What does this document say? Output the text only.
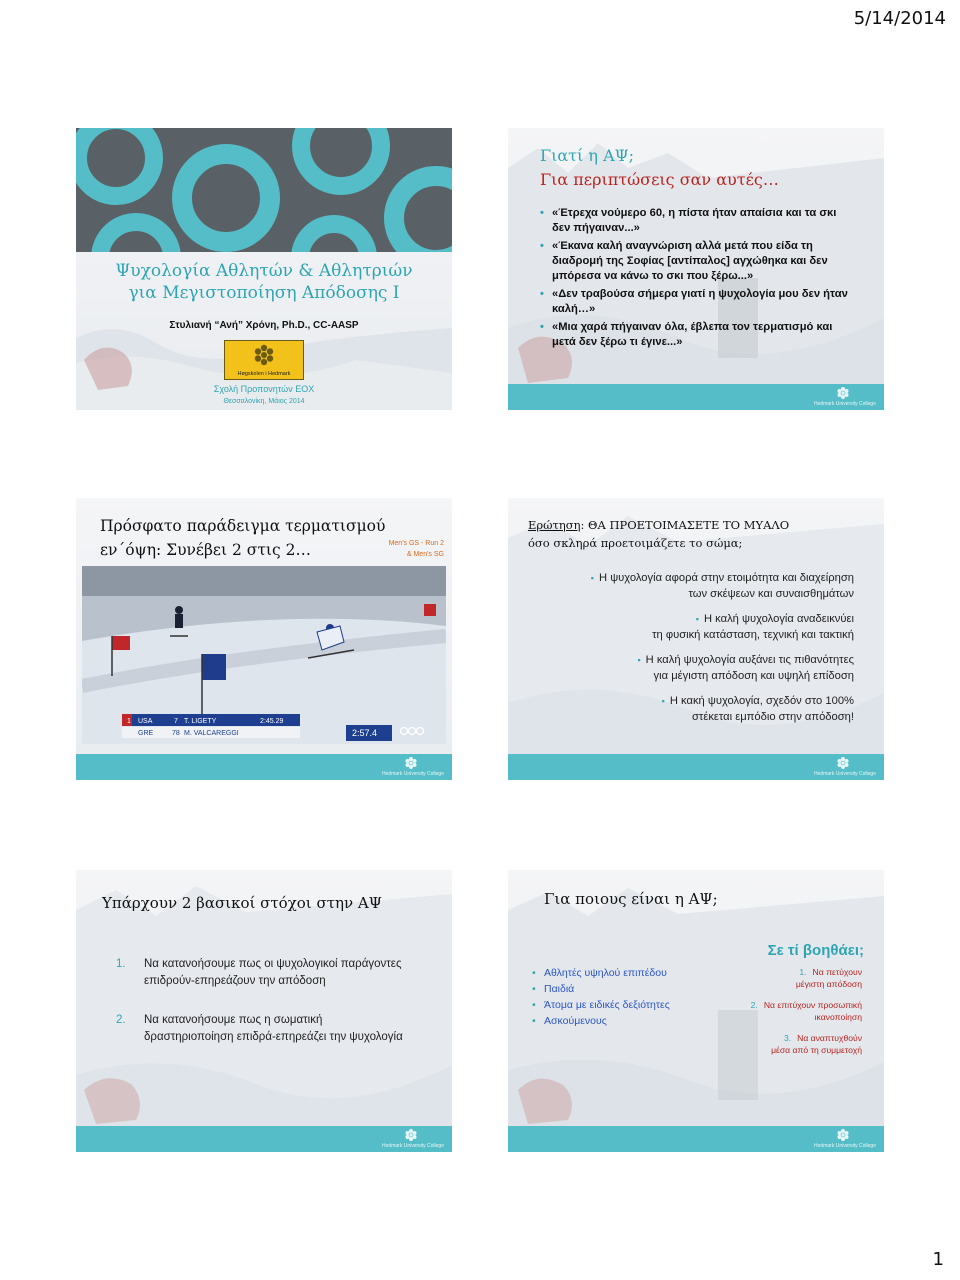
5/14/2014
Ψυχολογία Αθλητών & Αθλητριών
για Μεγιστοποίηση Απόδοσης Ι
Στυλιανή “Ανή” Χρόνη, Ph.D., CC-AASP
Høgskolen i Hedmark
Σχολή Προπονητών ΕΟΧ
Θεσσαλονίκη, Μάιος 2014
Γιατί η ΑΨ;
Για περιπτώσεις σαν αυτές…
• «Έτρεχα νούμερο 60, η πίστα ήταν απαίσια και τα σκι δεν πήγαιναν...»
• «Έκανα καλή αναγνώριση αλλά μετά που είδα τη διαδρομή της Σοφίας [αντίπαλος] αγχώθηκα και δεν μπόρεσα να κάνω το σκι που ξέρω...»
• «Δεν τραβούσα σήμερα γιατί η ψυχολογία μου δεν ήταν καλή…»
• «Μια χαρά πήγαιναν όλα, έβλεπα τον τερματισμό και μετά δεν ξέρω τι έγινε...»
Hedmark University College
Πρόσφατο παράδειγμα τερματισμού
εν΄όψη: Συνέβει 2 στις 2…	Men's GS - Run 2
& Men's SG
1 USA	7 T. LIGETY	2:45.29
GRE	78 M. VALCAREGGI	2:57.4
Hedmark University College
Ερώτηση: ΘΑ ΠΡΟΕΤΟΙΜΑΣΕΤΕ ΤΟ ΜΥΑΛΟ
όσο σκληρά προετοιμάζετε το σώμα;
▪ Η ψυχολογία αφορά στην ετοιμότητα και διαχείρηση
των σκέψεων και συναισθημάτων
▪ Η καλή ψυχολογία αναδεικνύει
τη φυσική κατάσταση, τεχνική και τακτική
▪ Η καλή ψυχολογία αυξάνει τις πιθανότητες
για μέγιστη απόδοση και υψηλή επίδοση
▪ Η κακή ψυχολογία, σχεδόν στο 100%
στέκεται εμπόδιο στην απόδοση!
Hedmark University College
Υπάρχουν 2 βασικοί στόχοι στην ΑΨ
1. Να κατανοήσουμε πως οι ψυχολογικοί παράγοντες επιδρούν-επηρεάζουν την απόδοση
2. Να κατανοήσουμε πως η σωματική δραστηριοποίηση επιδρά-επηρεάζει την ψυχολογία
Hedmark University College
Για ποιους είναι η ΑΨ;
Σε τί βοηθάει;
• Αθλητές υψηλού επιπέδου
• Παιδιά
• Άτομα με ειδικές δεξιότητες
• Ασκούμενους
1. Να πετύχουν
μέγιστη απόδοση
2. Να επιτύχουν προσωπική
ικανοποίηση
3. Να αναπτυχθούν
μέσα από τη συμμετοχή
Hedmark University College
1
